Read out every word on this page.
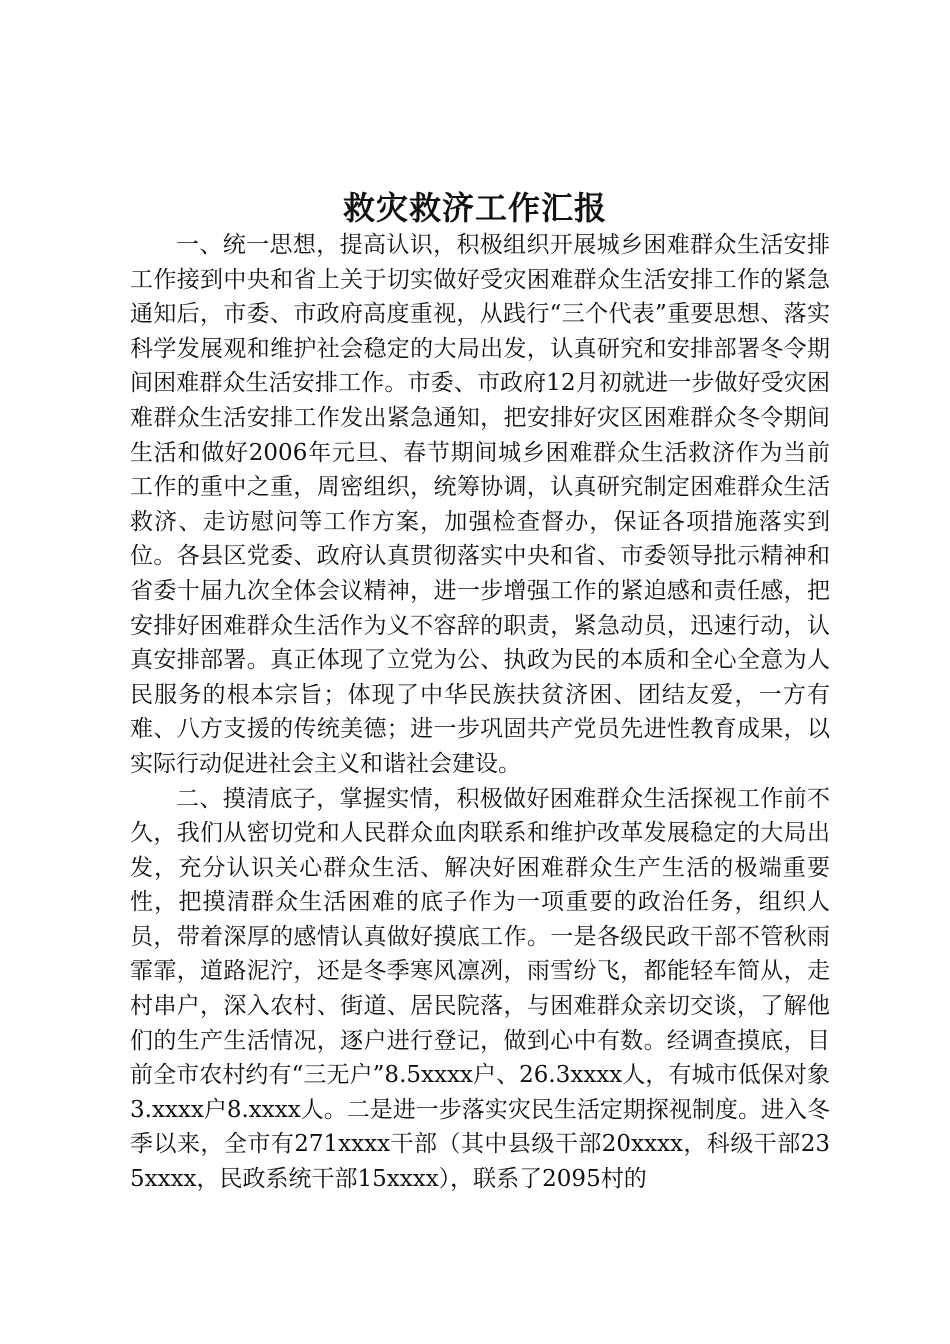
救灾救济工作汇报

一、统一思想，提高认识，积极组织开展城乡困难群众生活安排工作接到中央和省上关于切实做好受灾困难群众生活安排工作的紧急通知后，市委、市政府高度重视，从践行“三个代表”重要思想、落实科学发展观和维护社会稳定的大局出发，认真研究和安排部署冬令期间困难群众生活安排工作。市委、市政府12月初就进一步做好受灾困难群众生活安排工作发出紧急通知，把安排好灾区困难群众冬令期间生活和做好2006年元旦、春节期间城乡困难群众生活救济作为当前工作的重中之重，周密组织，统筹协调，认真研究制定困难群众生活救济、走访慰问等工作方案，加强检查督办，保证各项措施落实到位。各县区党委、政府认真贯彻落实中央和省、市委领导批示精神和省委十届九次全体会议精神，进一步增强工作的紧迫感和责任感，把安排好困难群众生活作为义不容辞的职责，紧急动员，迅速行动，认真安排部署。真正体现了立党为公、执政为民的本质和全心全意为人民服务的根本宗旨；体现了中华民族扶贫济困、团结友爱，一方有难、八方支援的传统美德；进一步巩固共产党员先进性教育成果，以实际行动促进社会主义和谐社会建设。

二、摸清底子，掌握实情，积极做好困难群众生活探视工作前不久，我们从密切党和人民群众血肉联系和维护改革发展稳定的大局出发，充分认识关心群众生活、解决好困难群众生产生活的极端重要性，把摸清群众生活困难的底子作为一项重要的政治任务，组织人员，带着深厚的感情认真做好摸底工作。一是各级民政干部不管秋雨霏霏，道路泥泞，还是冬季寒风凛冽，雨雪纷飞，都能轻车简从，走村串户，深入农村、街道、居民院落，与困难群众亲切交谈，了解他们的生产生活情况，逐户进行登记，做到心中有数。经调查摸底，目前全市农村约有“三无户”8.5xxxx户、26.3xxxx人，有城市低保对象3.xxxx户8.xxxx人。二是进一步落实灾民生活定期探视制度。进入冬季以来，全市有271xxxx干部（其中县级干部20xxxx，科级干部235xxxx，民政系统干部15xxxx），联系了2095村的
